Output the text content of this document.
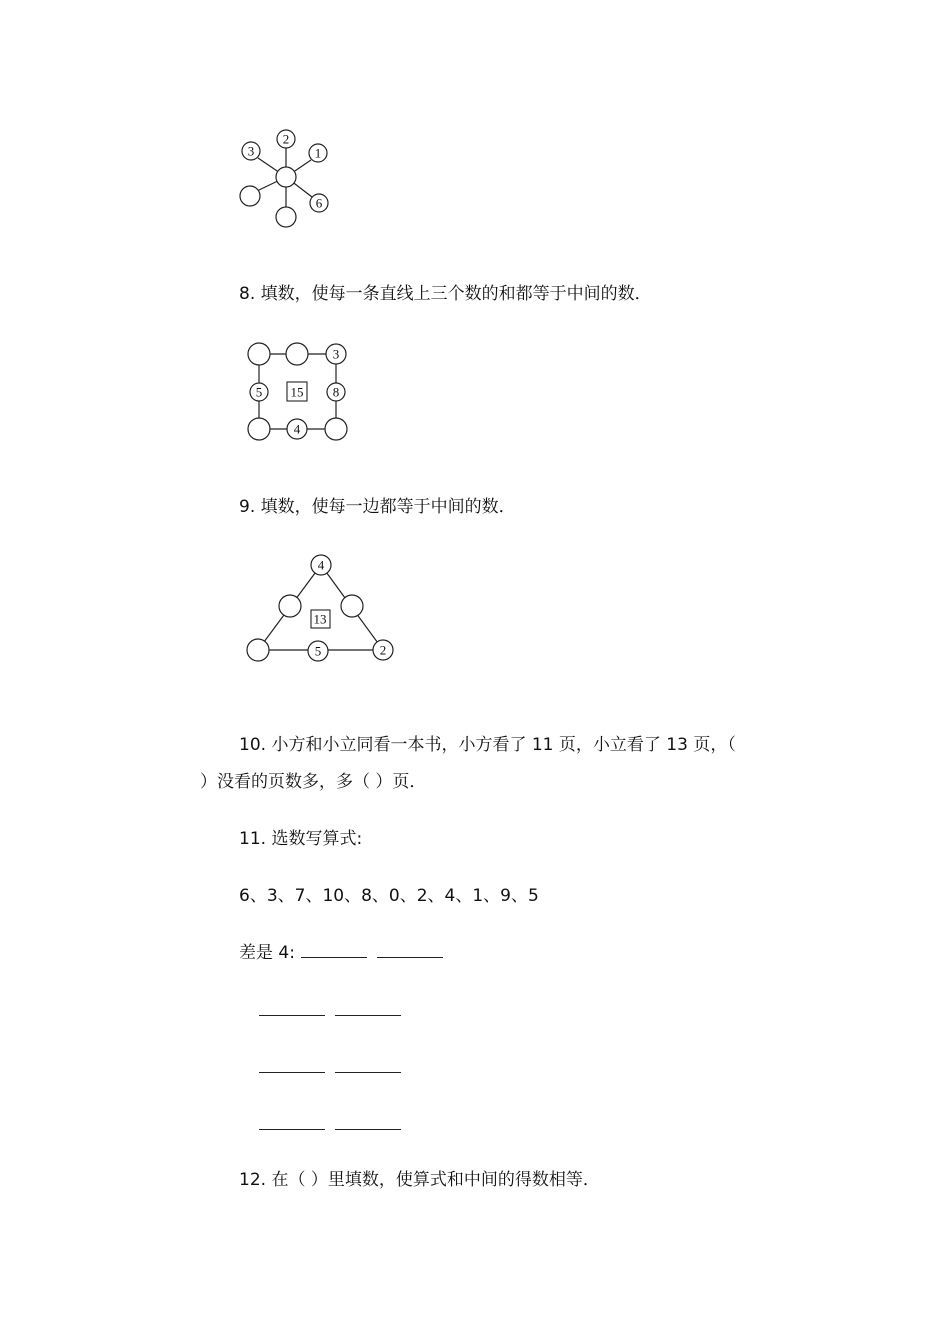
3
2
1
6
8. 填数，使每一条直线上三个数的和都等于中间的数．
3
5	8
4
15
9. 填数，使每一边都等于中间的数．
4
5	2
13
10. 小方和小立同看一本书，小方看了 11 页，小立看了 13 页，（
）没看的页数多，多（ ）页．
11. 选数写算式:
6、3、7、10、8、0、2、4、1、9、5
差是 4:
12. 在（ ）里填数，使算式和中间的得数相等．
